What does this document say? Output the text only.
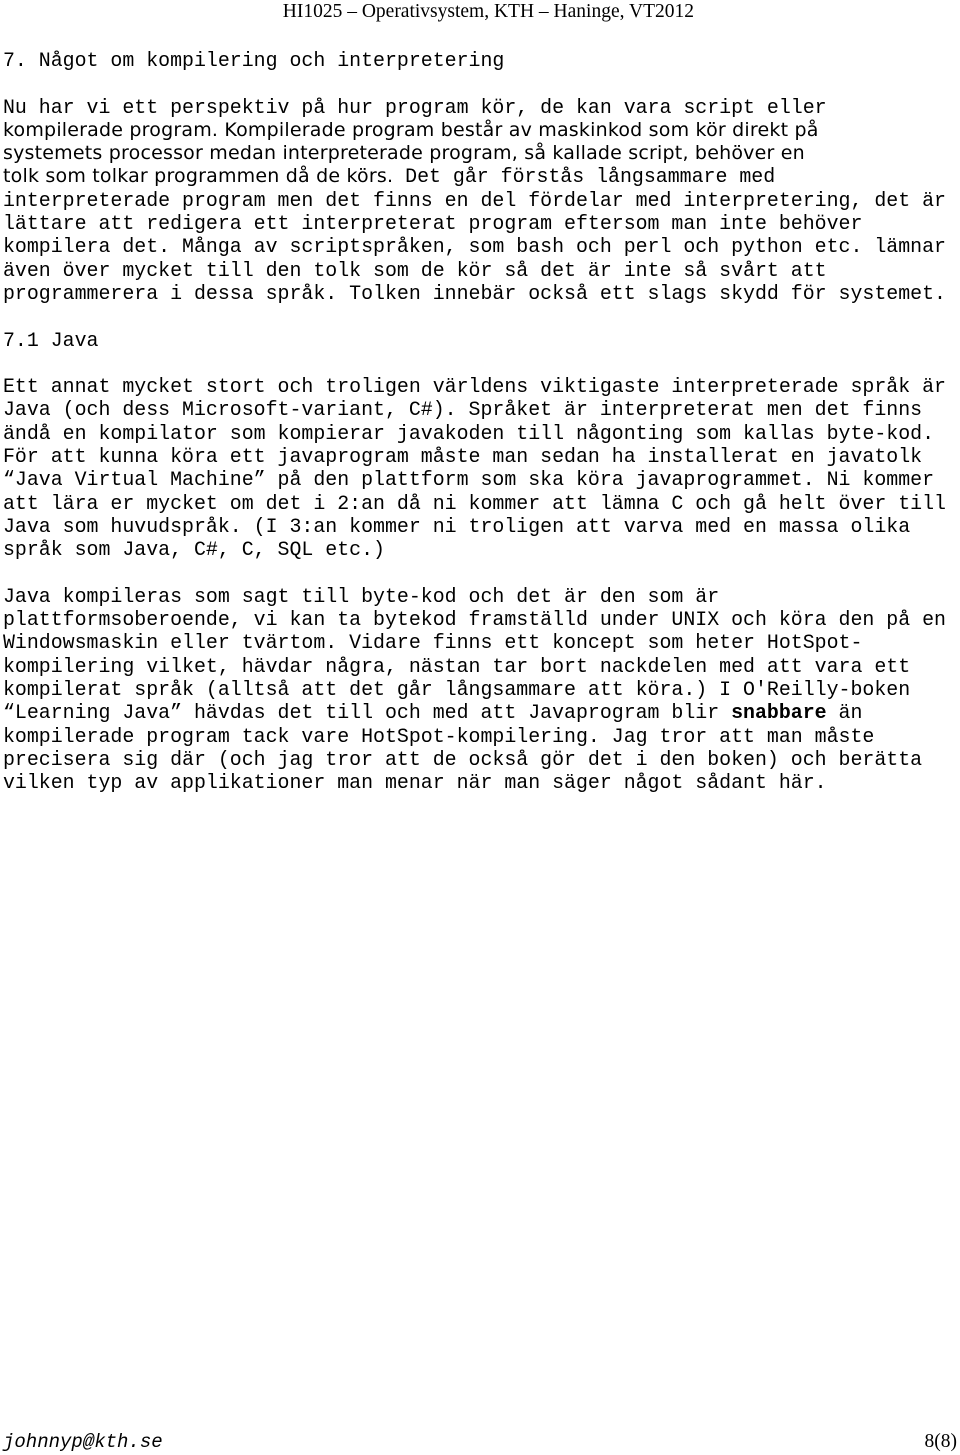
HI1025 – Operativsystem, KTH – Haninge, VT2012

7. Något om kompilering och interpretering

Nu har vi ett perspektiv på hur program kör, de kan vara script eller
kompilerade program. Kompilerade program består av maskinkod som kör direkt på
systemets processor medan interpreterade program, så kallade script, behöver en
tolk som tolkar programmen då de körs. Det går förstås långsammare med
interpreterade program men det finns en del fördelar med interpretering, det är
lättare att redigera ett interpreterat program eftersom man inte behöver
kompilera det. Många av scriptspråken, som bash och perl och python etc. lämnar
även över mycket till den tolk som de kör så det är inte så svårt att
programmerera i dessa språk. Tolken innebär också ett slags skydd för systemet.

7.1 Java

Ett annat mycket stort och troligen världens viktigaste interpreterade språk är
Java (och dess Microsoft-variant, C#). Språket är interpreterat men det finns
ändå en kompilator som kompierar javakoden till någonting som kallas byte-kod.
För att kunna köra ett javaprogram måste man sedan ha installerat en javatolk
“Java Virtual Machine” på den plattform som ska köra javaprogrammet. Ni kommer
att lära er mycket om det i 2:an då ni kommer att lämna C och gå helt över till
Java som huvudspråk. (I 3:an kommer ni troligen att varva med en massa olika
språk som Java, C#, C, SQL etc.)

Java kompileras som sagt till byte-kod och det är den som är
plattformsoberoende, vi kan ta bytekod framställd under UNIX och köra den på en
Windowsmaskin eller tvärtom. Vidare finns ett koncept som heter HotSpot-
kompilering vilket, hävdar några, nästan tar bort nackdelen med att vara ett
kompilerat språk (alltså att det går långsammare att köra.) I O'Reilly-boken
“Learning Java” hävdas det till och med att Javaprogram blir snabbare än
kompilerade program tack vare HotSpot-kompilering. Jag tror att man måste
precisera sig där (och jag tror att de också gör det i den boken) och berätta
vilken typ av applikationer man menar när man säger något sådant här.

johnnyp@kth.se	8(8)
